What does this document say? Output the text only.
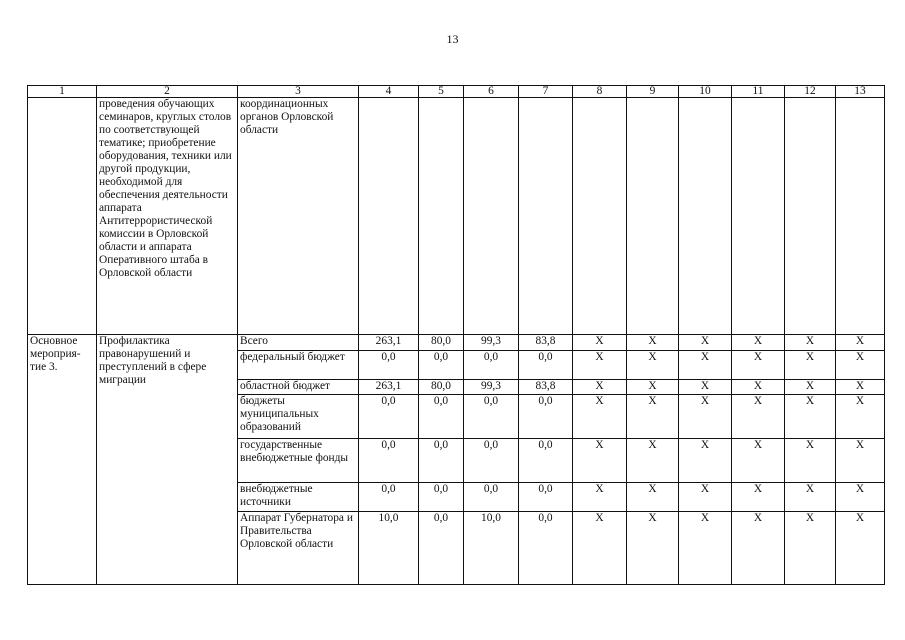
13
1	2	3	4	5	6	7	8	9	10	11	12	13
	проведения обучающих семинаров, круглых столов по соответствующей тематике; приобретение оборудования, техники или другой продукции, необходимой для обеспечения деятельности аппарата Антитеррористической комиссии в Орловской области и аппарата Оперативного штаба в Орловской области	координационных органов Орловской области										
Основное мероприя-тие 3.	Профилактика правонарушений и преступлений в сфере миграции	Всего	263,1	80,0	99,3	83,8	Х	Х	Х	Х	Х	Х
		федеральный бюджет	0,0	0,0	0,0	0,0	Х	Х	Х	Х	Х	Х
		областной бюджет	263,1	80,0	99,3	83,8	Х	Х	Х	Х	Х	Х
		бюджеты муниципальных образований	0,0	0,0	0,0	0,0	Х	Х	Х	Х	Х	Х
		государственные внебюджетные фонды	0,0	0,0	0,0	0,0	Х	Х	Х	Х	Х	Х
		внебюджетные источники	0,0	0,0	0,0	0,0	Х	Х	Х	Х	Х	Х
		Аппарат Губернатора и Правительства Орловской области	10,0	0,0	10,0	0,0	Х	Х	Х	Х	Х	Х
